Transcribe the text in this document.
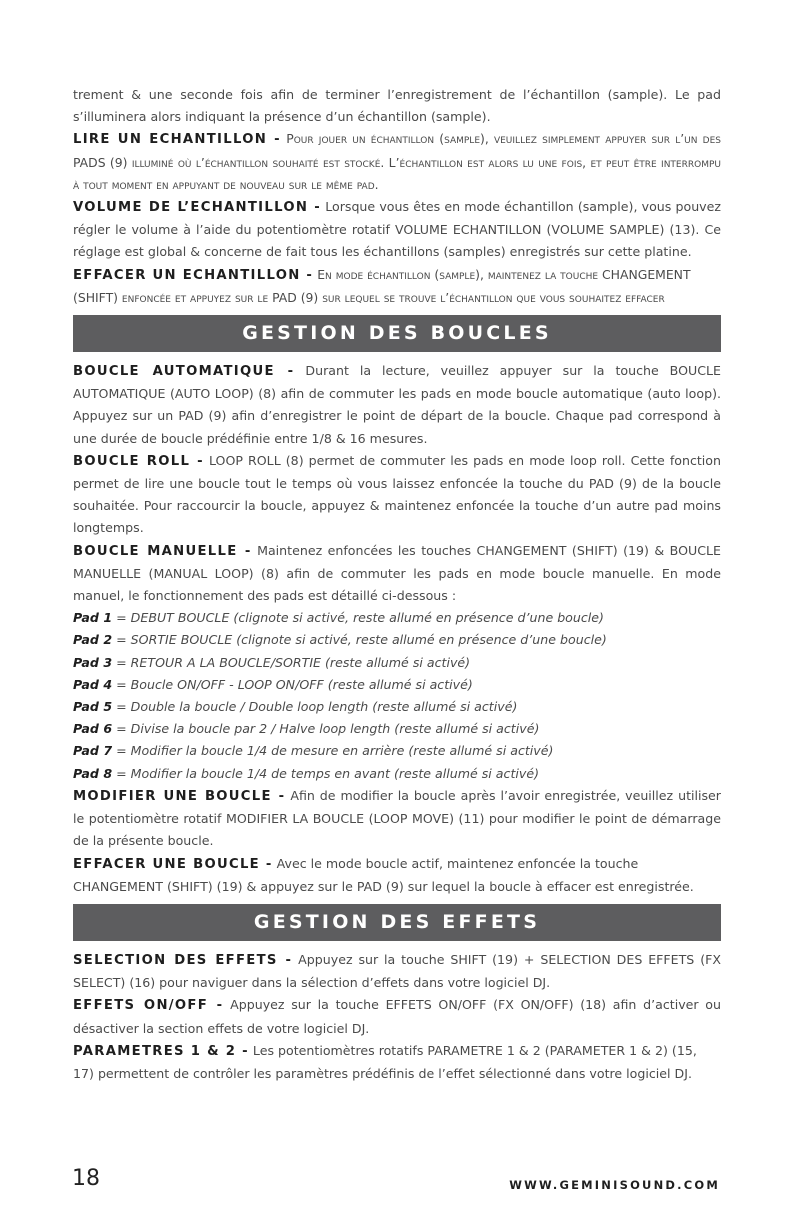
trement & une seconde fois afin de terminer l’enregistrement de l’échantillon (sample). Le pad s’illuminera alors indiquant la présence d’un échantillon (sample).

LIRE UN ECHANTILLON - Pour jouer un échantillon (sample), veuillez simplement appuyer sur l’un des PADS (9) illuminé où l’échantillon souhaité est stocké. L’échantillon est alors lu une fois, et peut être interrompu à tout moment en appuyant de nouveau sur le même pad.

VOLUME DE L’ECHANTILLON - Lorsque vous êtes en mode échantillon (sample), vous pouvez régler le volume à l’aide du potentiomètre rotatif VOLUME ECHANTILLON (VOLUME SAMPLE) (13). Ce réglage est global & concerne de fait tous les échantillons (samples) enregistrés sur cette platine.

EFFACER UN ECHANTILLON - En mode échantillon (sample), maintenez la touche CHANGEMENT (SHIFT) enfoncée et appuyez sur le PAD (9) sur lequel se trouve l’échantillon que vous souhaitez effacer

GESTION DES BOUCLES

BOUCLE AUTOMATIQUE - Durant la lecture, veuillez appuyer sur la touche BOUCLE AUTOMATIQUE (AUTO LOOP) (8) afin de commuter les pads en mode boucle automatique (auto loop). Appuyez sur un PAD (9) afin d’enregistrer le point de départ de la boucle. Chaque pad correspond à une durée de boucle prédéfinie entre 1/8 & 16 mesures.

BOUCLE ROLL - LOOP ROLL (8) permet de commuter les pads en mode loop roll. Cette fonction permet de lire une boucle tout le temps où vous laissez enfoncée la touche du PAD (9) de la boucle souhaitée. Pour raccourcir la boucle, appuyez & maintenez enfoncée la touche d’un autre pad moins longtemps.

BOUCLE MANUELLE - Maintenez enfoncées les touches CHANGEMENT (SHIFT) (19) & BOUCLE MANUELLE (MANUAL LOOP) (8) afin de commuter les pads en mode boucle manuelle. En mode manuel, le fonctionnement des pads est détaillé ci-dessous :

Pad 1 = DEBUT BOUCLE (clignote si activé, reste allumé en présence d’une boucle)

Pad 2 = SORTIE BOUCLE (clignote si activé, reste allumé en présence d’une boucle)

Pad 3 = RETOUR A LA BOUCLE/SORTIE (reste allumé si activé)

Pad 4 = Boucle ON/OFF - LOOP ON/OFF (reste allumé si activé)

Pad 5 = Double la boucle / Double loop length (reste allumé si activé)

Pad 6 = Divise la boucle par 2 / Halve loop length (reste allumé si activé)

Pad 7 = Modifier la boucle 1/4 de mesure en arrière (reste allumé si activé)

Pad 8 = Modifier la boucle 1/4 de temps en avant (reste allumé si activé)

MODIFIER UNE BOUCLE - Afin de modifier la boucle après l’avoir enregistrée, veuillez utiliser le potentiomètre rotatif MODIFIER LA BOUCLE (LOOP MOVE) (11) pour modifier le point de démarrage de la présente boucle.

EFFACER UNE BOUCLE - Avec le mode boucle actif, maintenez enfoncée la touche CHANGEMENT (SHIFT) (19) & appuyez sur le PAD (9) sur lequel la boucle à effacer est enregistrée.

GESTION DES EFFETS

SELECTION DES EFFETS - Appuyez sur la touche SHIFT (19) + SELECTION DES EFFETS (FX SELECT) (16) pour naviguer dans la sélection d’effets dans votre logiciel DJ.

EFFETS ON/OFF - Appuyez sur la touche EFFETS ON/OFF (FX ON/OFF) (18) afin d’activer ou désactiver la section effets de votre logiciel DJ.

PARAMETRES 1 & 2 - Les potentiomètres rotatifs PARAMETRE 1 & 2 (PARAMETER 1 & 2) (15, 17) permettent de contrôler les paramètres prédéfinis de l’effet sélectionné dans votre logiciel DJ.

18	WWW.GEMINISOUND.COM
